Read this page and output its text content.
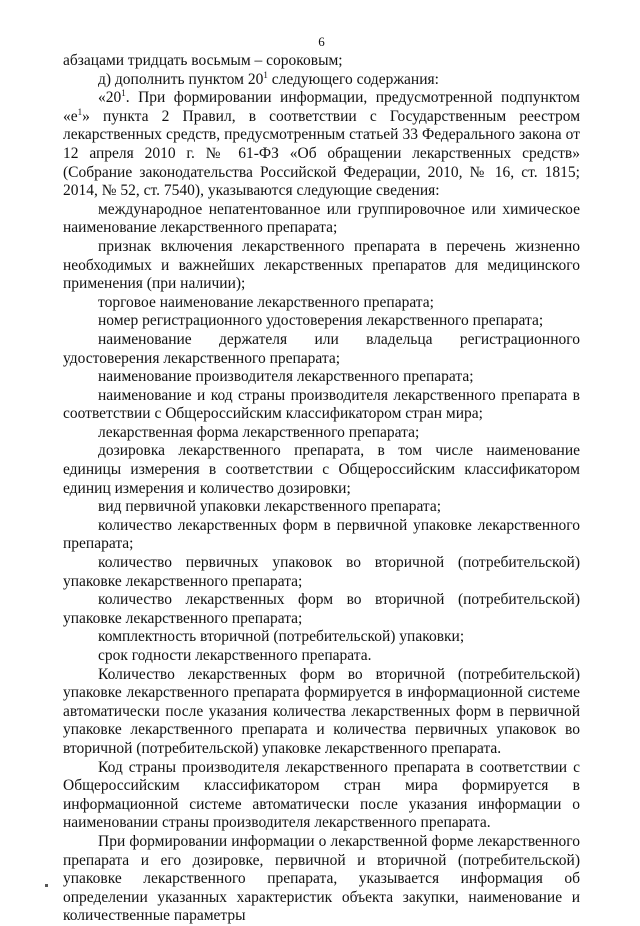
6

абзацами тридцать восьмым – сороковым;

д) дополнить пунктом $20^1$ следующего содержания:

«$20^1$. При формировании информации, предусмотренной подпунктом «$е^1$» пункта 2 Правил, в соответствии с Государственным реестром лекарственных средств, предусмотренным статьей 33 Федерального закона от 12 апреля 2010 г. № 61-ФЗ «Об обращении лекарственных средств» (Собрание законодательства Российской Федерации, 2010, № 16, ст. 1815; 2014, № 52, ст. 7540), указываются следующие сведения:

международное непатентованное или группировочное или химическое наименование лекарственного препарата;

признак включения лекарственного препарата в перечень жизненно необходимых и важнейших лекарственных препаратов для медицинского применения (при наличии);

торговое наименование лекарственного препарата;

номер регистрационного удостоверения лекарственного препарата;

наименование держателя или владельца регистрационного удостоверения лекарственного препарата;

наименование производителя лекарственного препарата;

наименование и код страны производителя лекарственного препарата в соответствии с Общероссийским классификатором стран мира;

лекарственная форма лекарственного препарата;

дозировка лекарственного препарата, в том числе наименование единицы измерения в соответствии с Общероссийским классификатором единиц измерения и количество дозировки;

вид первичной упаковки лекарственного препарата;

количество лекарственных форм в первичной упаковке лекарственного препарата;

количество первичных упаковок во вторичной (потребительской) упаковке лекарственного препарата;

количество лекарственных форм во вторичной (потребительской) упаковке лекарственного препарата;

комплектность вторичной (потребительской) упаковки;

срок годности лекарственного препарата.

Количество лекарственных форм во вторичной (потребительской) упаковке лекарственного препарата формируется в информационной системе автоматически после указания количества лекарственных форм в первичной упаковке лекарственного препарата и количества первичных упаковок во вторичной (потребительской) упаковке лекарственного препарата.

Код страны производителя лекарственного препарата в соответствии с Общероссийским классификатором стран мира формируется в информационной системе автоматически после указания информации о наименовании страны производителя лекарственного препарата.

При формировании информации о лекарственной форме лекарственного препарата и его дозировке, первичной и вторичной (потребительской) упаковке лекарственного препарата, указывается информация об определении указанных характеристик объекта закупки, наименование и количественные параметры
